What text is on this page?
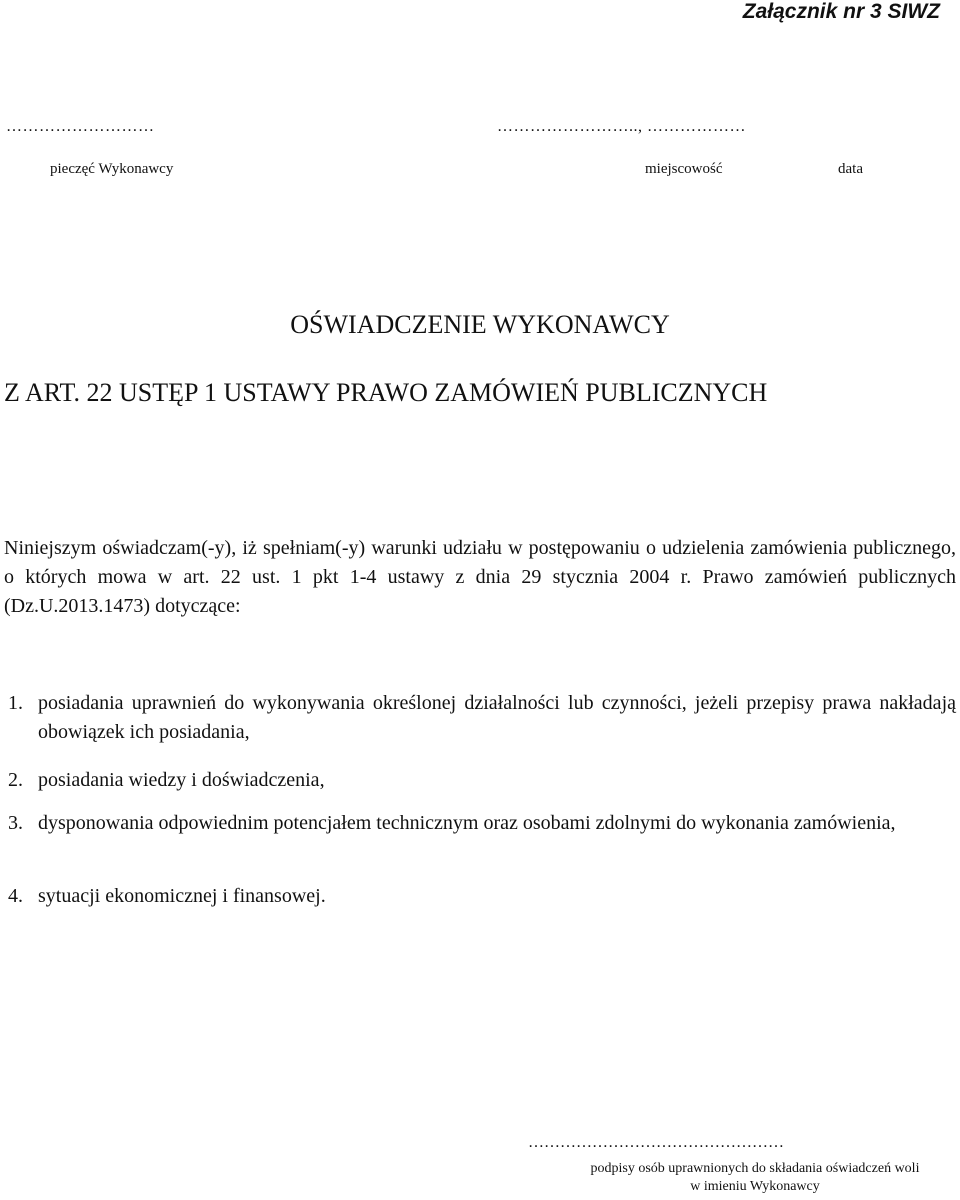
Załącznik nr 3 SIWZ
………………………	…………………….., ………………
pieczęć Wykonawcy	miejscowość	data
OŚWIADCZENIE WYKONAWCY
Z ART. 22 USTĘP 1 USTAWY PRAWO ZAMÓWIEŃ PUBLICZNYCH
Niniejszym oświadczam(-y), iż spełniam(-y) warunki udziału w postępowaniu o udzielenia zamówienia publicznego, o których mowa w art. 22 ust. 1 pkt 1-4 ustawy z dnia 29 stycznia 2004 r. Prawo zamówień publicznych (Dz.U.2013.1473) dotyczące:
1. posiadania uprawnień do wykonywania określonej działalności lub czynności, jeżeli przepisy prawa nakładają obowiązek ich posiadania,
2. posiadania wiedzy i doświadczenia,
3. dysponowania odpowiednim potencjałem technicznym oraz osobami zdolnymi do wykonania zamówienia,
4. sytuacji ekonomicznej i finansowej.
…………………………………………
podpisy osób uprawnionych do składania oświadczeń woli
w imieniu Wykonawcy
